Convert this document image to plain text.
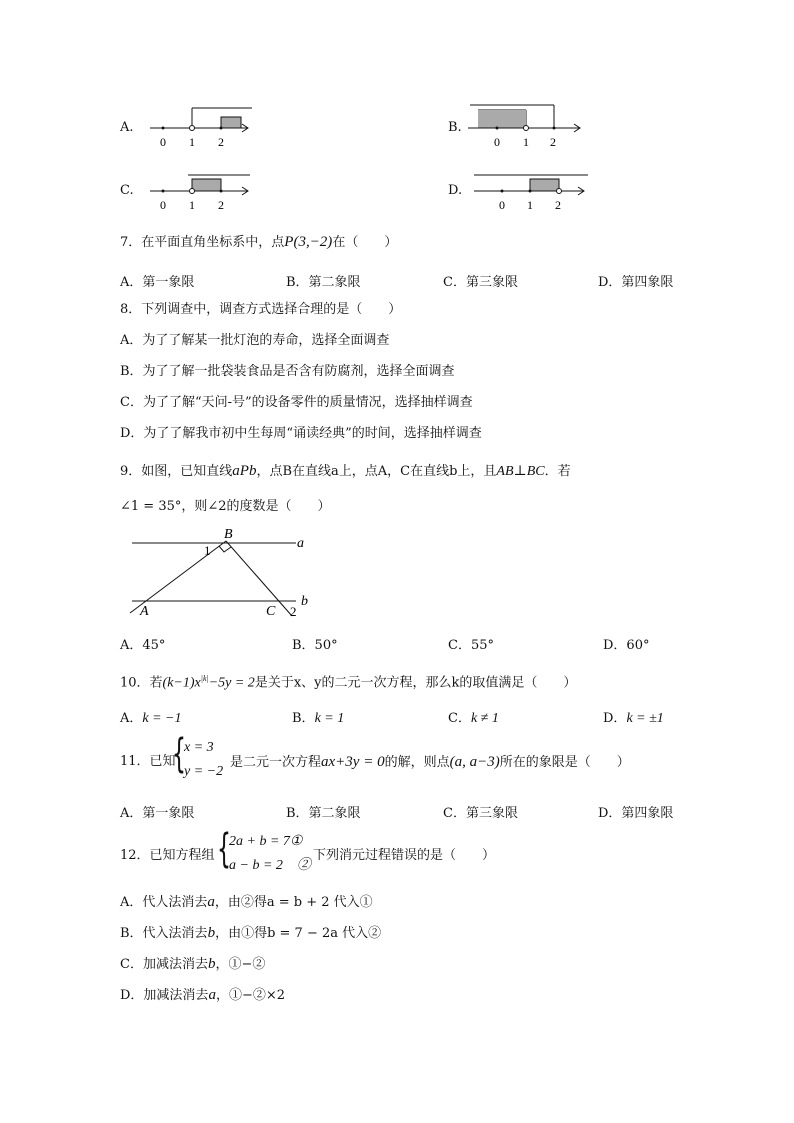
A.
0 1 2
B.
0 1 2
C.
0 1 2
D.
0 1 2
7．在平面直角坐标系中，点P(3,−2)在（　　）
A．第一象限	B．第二象限	C．第三象限	D．第四象限
8．下列调查中，调查方式选择合理的是（　　）
A．为了了解某一批灯泡的寿命，选择全面调查
B．为了了解一批袋装食品是否含有防腐剂，选择全面调查
C．为了了解“天问-号”的设备零件的质量情况，选择抽样调查
D．为了了解我市初中生每周“诵读经典”的时间，选择抽样调查
9．如图，已知直线aPb，点B在直线a上，点A，C在直线b上，且AB⊥BC．若
∠1 = 35°，则∠2的度数是（　　）
B
1	a
A	C 2
b
A．45°	B．50°	C．55°	D．60°
10．若$(k-1)x^{|k|}-5y = 2$是关于x、y的二元一次方程，那么k的取值满足（　　）
A．k = −1	B．k = 1	C．k ≠ 1	D．k = ±1
11．已知
{
x = 3
y = −2
是二元一次方程ax+3y = 0的解，则点(a, a−3)所在的象限是（　　）
A．第一象限	B．第二象限	C．第三象限	D．第四象限
12．已知方程组 {
2a + b = 7①
a − b = 2　②
下列消元过程错误的是（　　）
A．代人法消去a，由②得a = b + 2 代入①
B．代入法消去b，由①得b = 7 − 2a 代入②
C．加减法消去b，①−②
D．加减法消去a，①−②×2
